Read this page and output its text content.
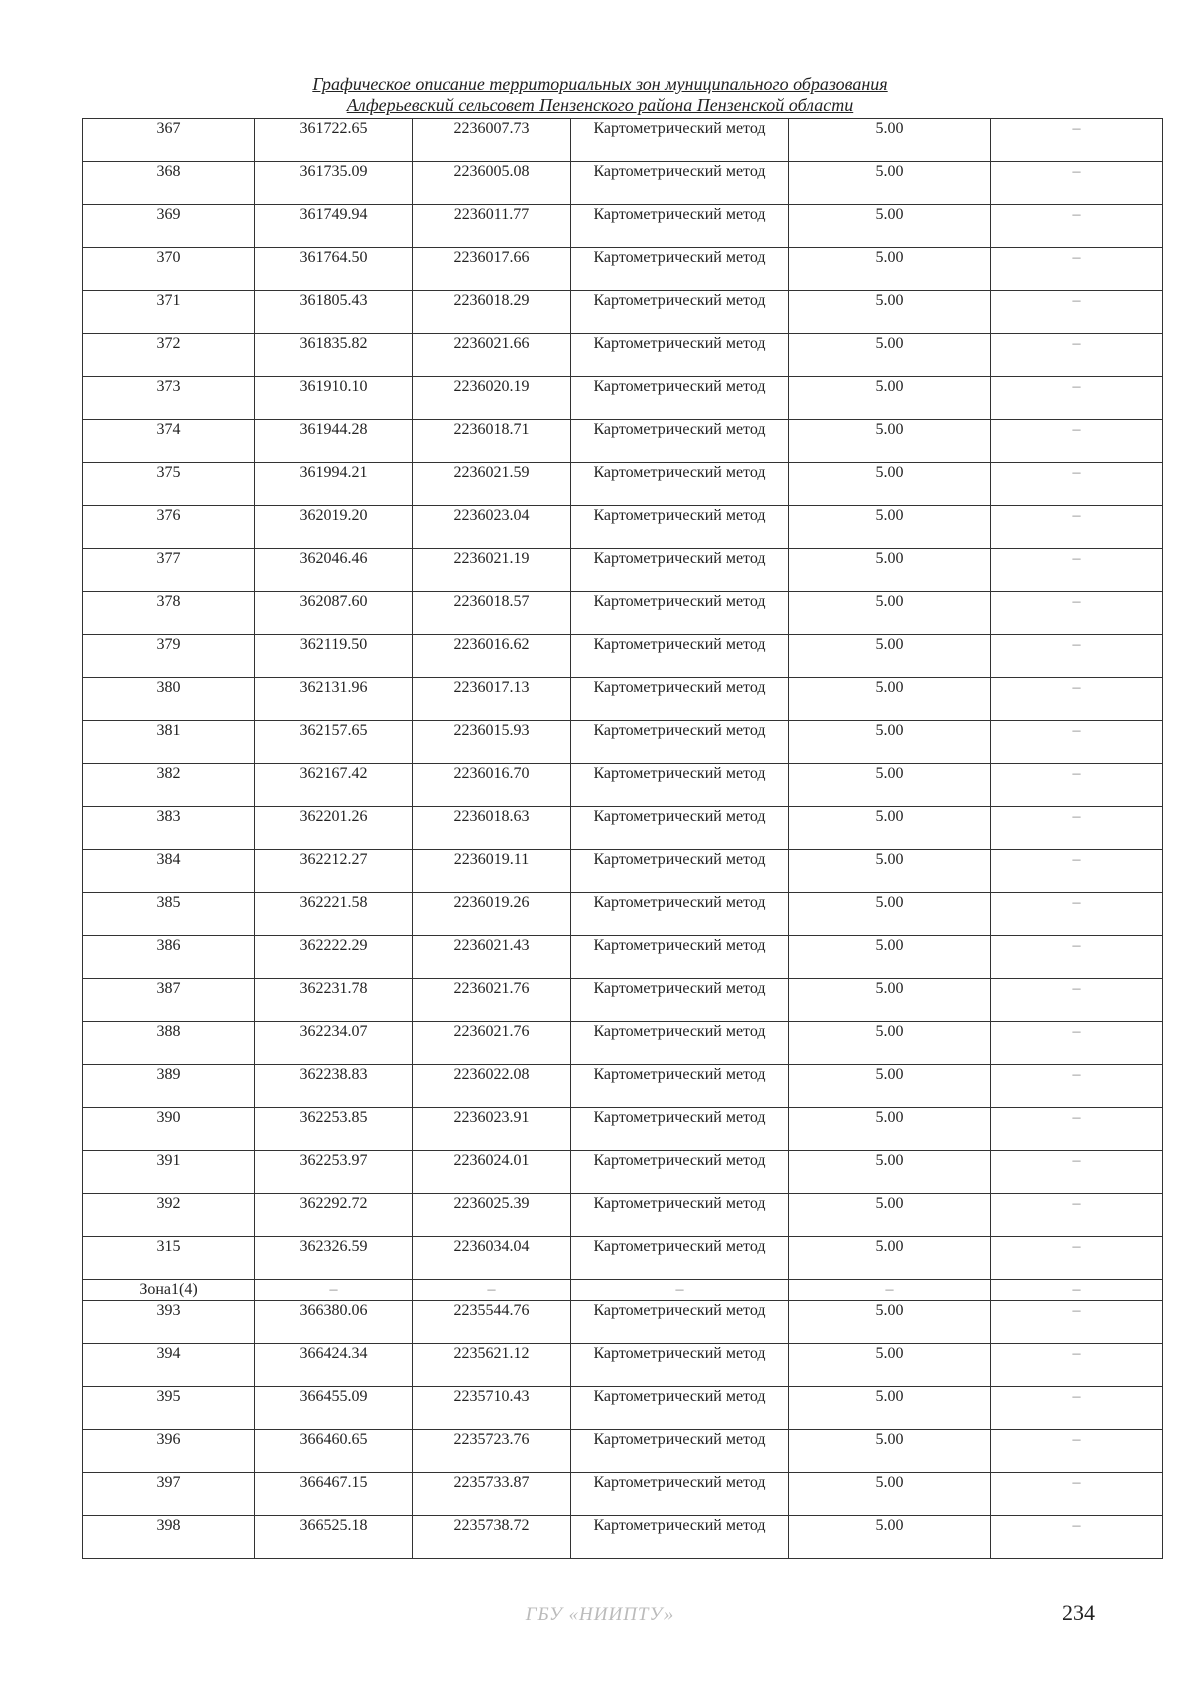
Графическое описание территориальных зон муниципального образования
Алферьевский сельсовет Пензенского района Пензенской области
367	361722.65	2236007.73	Картометрический метод	5.00	–
368	361735.09	2236005.08	Картометрический метод	5.00	–
369	361749.94	2236011.77	Картометрический метод	5.00	–
370	361764.50	2236017.66	Картометрический метод	5.00	–
371	361805.43	2236018.29	Картометрический метод	5.00	–
372	361835.82	2236021.66	Картометрический метод	5.00	–
373	361910.10	2236020.19	Картометрический метод	5.00	–
374	361944.28	2236018.71	Картометрический метод	5.00	–
375	361994.21	2236021.59	Картометрический метод	5.00	–
376	362019.20	2236023.04	Картометрический метод	5.00	–
377	362046.46	2236021.19	Картометрический метод	5.00	–
378	362087.60	2236018.57	Картометрический метод	5.00	–
379	362119.50	2236016.62	Картометрический метод	5.00	–
380	362131.96	2236017.13	Картометрический метод	5.00	–
381	362157.65	2236015.93	Картометрический метод	5.00	–
382	362167.42	2236016.70	Картометрический метод	5.00	–
383	362201.26	2236018.63	Картометрический метод	5.00	–
384	362212.27	2236019.11	Картометрический метод	5.00	–
385	362221.58	2236019.26	Картометрический метод	5.00	–
386	362222.29	2236021.43	Картометрический метод	5.00	–
387	362231.78	2236021.76	Картометрический метод	5.00	–
388	362234.07	2236021.76	Картометрический метод	5.00	–
389	362238.83	2236022.08	Картометрический метод	5.00	–
390	362253.85	2236023.91	Картометрический метод	5.00	–
391	362253.97	2236024.01	Картометрический метод	5.00	–
392	362292.72	2236025.39	Картометрический метод	5.00	–
315	362326.59	2236034.04	Картометрический метод	5.00	–
Зона1(4)	–	–	–	–	–
393	366380.06	2235544.76	Картометрический метод	5.00	–
394	366424.34	2235621.12	Картометрический метод	5.00	–
395	366455.09	2235710.43	Картометрический метод	5.00	–
396	366460.65	2235723.76	Картометрический метод	5.00	–
397	366467.15	2235733.87	Картометрический метод	5.00	–
398	366525.18	2235738.72	Картометрический метод	5.00	–
ГБУ «НИИПТУ»	234
